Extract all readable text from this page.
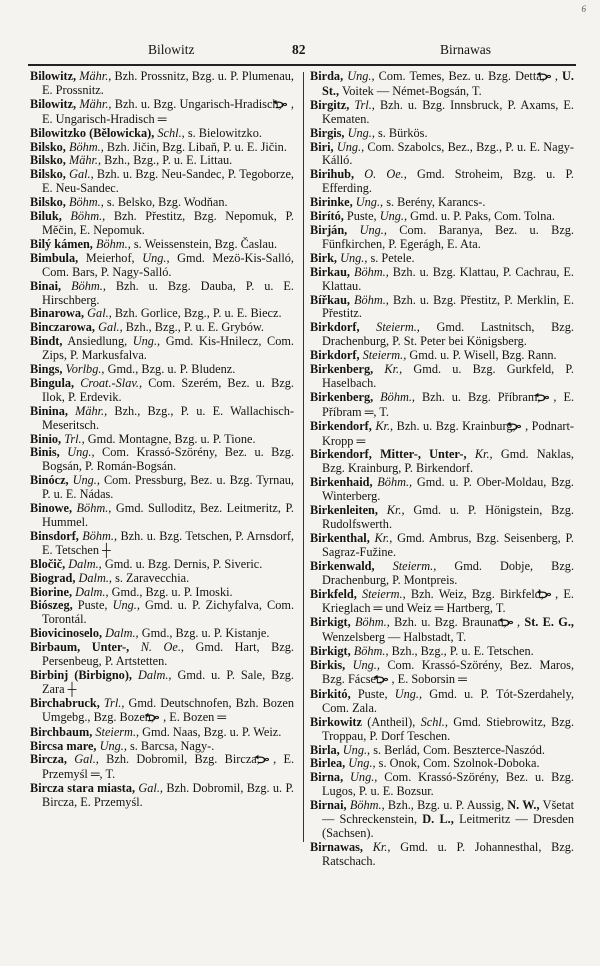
6
Bilowitz	82	Birnawas
Bilowitz, Mähr., Bzh. Prossnitz, Bzg. u. P. Plumenau, E. Prossnitz.
Bilowitz, Mähr., Bzh. u. Bzg. Ungarisch-Hradisch, , E. Ungarisch-Hradisch ═
Bilowitzko (Bělowicka), Schl., s. Bielowitzko.
Bilsko, Böhm., Bzh. Jičin, Bzg. Libaň, P. u. E. Jičin.
Bilsko, Mähr., Bzh., Bzg., P. u. E. Littau.
Bilsko, Gal., Bzh. u. Bzg. Neu-Sandec, P. Tegoborze, E. Neu-Sandec.
Bilsko, Böhm., s. Belsko, Bzg. Wodňan.
Biluk, Böhm., Bzh. Přestitz, Bzg. Nepomuk, P. Měčin, E. Nepomuk.
Bilý kámen, Böhm., s. Weissenstein, Bzg. Časlau.
Bimbula, Meierhof, Ung., Gmd. Mezö-Kis-Salló, Com. Bars, P. Nagy-Salló.
Binai, Böhm., Bzh. u. Bzg. Dauba, P. u. E. Hirschberg.
Binarowa, Gal., Bzh. Gorlice, Bzg., P. u. E. Biecz.
Binczarowa, Gal., Bzh., Bzg., P. u. E. Grybów.
Bindt, Ansiedlung, Ung., Gmd. Kis-Hnilecz, Com. Zips, P. Markusfalva.
Bings, Vorlbg., Gmd., Bzg. u. P. Bludenz.
Bingula, Croat.-Slav., Com. Szerém, Bez. u. Bzg. Ilok, P. Erdevik.
Binina, Mähr., Bzh., Bzg., P. u. E. Wallachisch-Meseritsch.
Binio, Trl., Gmd. Montagne, Bzg. u. P. Tione.
Binis, Ung., Com. Krassó-Szörény, Bez. u. Bzg. Bogsán, P. Román-Bogsán.
Binócz, Ung., Com. Pressburg, Bez. u. Bzg. Tyrnau, P. u. E. Nádas.
Binowe, Böhm., Gmd. Sulloditz, Bez. Leitmeritz, P. Hummel.
Binsdorf, Böhm., Bzh. u. Bzg. Tetschen, P. Arnsdorf, E. Tetschen ┼
Bločič, Dalm., Gmd. u. Bzg. Dernis, P. Siveric.
Biograd, Dalm., s. Zaravecchia.
Biorine, Dalm., Gmd., Bzg. u. P. Imoski.
Biószeg, Puste, Ung., Gmd. u. P. Zichyfalva, Com. Torontál.
Biovicinoselo, Dalm., Gmd., Bzg. u. P. Kistanje.
Birbaum, Unter-, N. Oe., Gmd. Hart, Bzg. Persenbeug, P. Artstetten.
Birbinj (Birbigno), Dalm., Gmd. u. P. Sale, Bzg. Zara ┼
Birchabruck, Trl., Gmd. Deutschnofen, Bzh. Bozen Umgebg., Bzg. Bozen, , E. Bozen ═
Birchbaum, Steierm., Gmd. Naas, Bzg. u. P. Weiz.
Bircsa mare, Ung., s. Barcsa, Nagy-.
Bircza, Gal., Bzh. Dobromil, Bzg. Bircza, , E. Przemyśl ═, T.
Bircza stara miasta, Gal., Bzh. Dobromil, Bzg. u. P. Bircza, E. Przemyśl.
Birda, Ung., Com. Temes, Bez. u. Bzg. Detta, , U. St., Voitek — Német-Bogsán, T.
Birgitz, Trl., Bzh. u. Bzg. Innsbruck, P. Axams, E. Kematen.
Birgis, Ung., s. Bürkös.
Biri, Ung., Com. Szabolcs, Bez., Bzg., P. u. E. Nagy-Kálló.
Birihub, O. Oe., Gmd. Stroheim, Bzg. u. P. Efferding.
Birinke, Ung., s. Berény, Karancs-.
Birító, Puste, Ung., Gmd. u. P. Paks, Com. Tolna.
Birján, Ung., Com. Baranya, Bez. u. Bzg. Fünfkirchen, P. Egerágh, E. Ata.
Birk, Ung., s. Petele.
Birkau, Böhm., Bzh. u. Bzg. Klattau, P. Cachrau, E. Klattau.
Bířkau, Böhm., Bzh. u. Bzg. Přestitz, P. Merklin, E. Přestitz.
Birkdorf, Steierm., Gmd. Lastnitsch, Bzg. Drachenburg, P. St. Peter bei Königsberg.
Birkdorf, Steierm., Gmd. u. P. Wisell, Bzg. Rann.
Birkenberg, Kr., Gmd. u. Bzg. Gurkfeld, P. Haselbach.
Birkenberg, Böhm., Bzh. u. Bzg. Příbram, , E. Příbram ═, T.
Birkendorf, Kr., Bzh. u. Bzg. Krainburg, , Podnart-Kropp ═
Birkendorf, Mitter-, Unter-, Kr., Gmd. Naklas, Bzg. Krainburg, P. Birkendorf.
Birkenhaid, Böhm., Gmd. u. P. Ober-Moldau, Bzg. Winterberg.
Birkenleiten, Kr., Gmd. u. P. Hönigstein, Bzg. Rudolfswerth.
Birkenthal, Kr., Gmd. Ambrus, Bzg. Seisenberg, P. Sagraz-Fužine.
Birkenwald, Steierm., Gmd. Dobje, Bzg. Drachenburg, P. Montpreis.
Birkfeld, Steierm., Bzh. Weiz, Bzg. Birkfeld, , E. Krieglach ═ und Weiz ═ Hartberg, T.
Birkigt, Böhm., Bzh. u. Bzg. Braunau, , St. E. G., Wenzelsberg — Halbstadt, T.
Birkigt, Böhm., Bzh., Bzg., P. u. E. Tetschen.
Birkis, Ung., Com. Krassó-Szörény, Bez. Maros, Bzg. Fácset, , E. Soborsin ═
Birkitó, Puste, Ung., Gmd. u. P. Tót-Szerdahely, Com. Zala.
Birkowitz (Antheil), Schl., Gmd. Stiebrowitz, Bzg. Troppau, P. Dorf Teschen.
Birla, Ung., s. Berlád, Com. Beszterce-Naszód.
Birlea, Ung., s. Onok, Com. Szolnok-Doboka.
Birna, Ung., Com. Krassó-Szörény, Bez. u. Bzg. Lugos, P. u. E. Bozsur.
Birnai, Böhm., Bzh., Bzg. u. P. Aussig, N. W., Všetat — Schreckenstein, D. L., Leitmeritz — Dresden (Sachsen).
Birnawas, Kr., Gmd. u. P. Johannesthal, Bzg. Ratschach.
